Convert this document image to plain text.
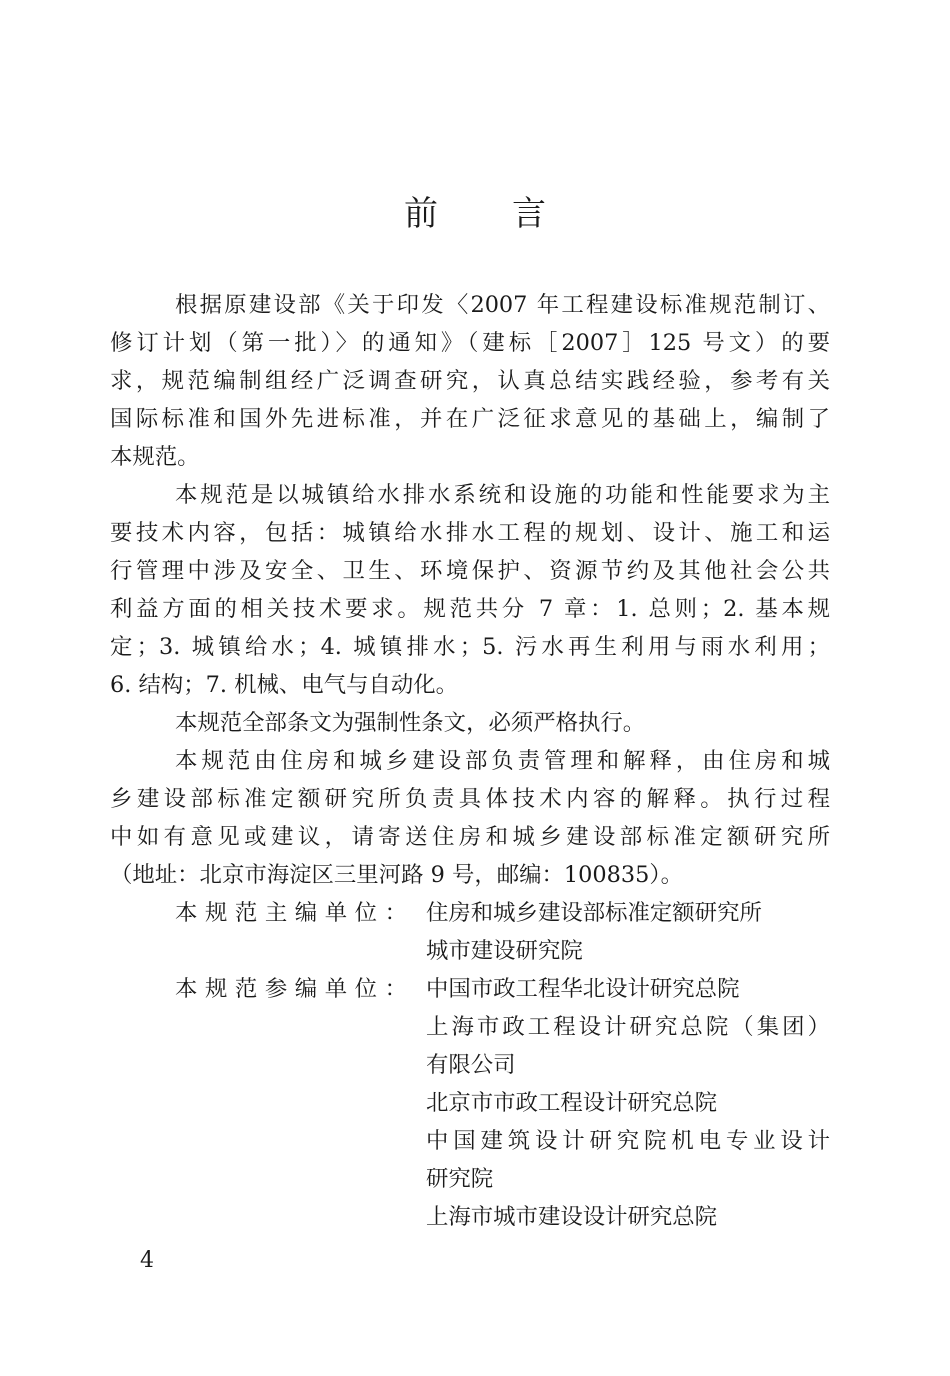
前 言
根据原建设部《关于印发〈2007 年工程建设标准规范制订、
修订计划（第一批）〉的通知》（建标［2007］125 号文）的要
求，规范编制组经广泛调查研究，认真总结实践经验，参考有关
国际标准和国外先进标准，并在广泛征求意见的基础上，编制了
本规范。
本规范是以城镇给水排水系统和设施的功能和性能要求为主
要技术内容，包括：城镇给水排水工程的规划、设计、施工和运
行管理中涉及安全、卫生、环境保护、资源节约及其他社会公共
利益方面的相关技术要求。规范共分 7 章：1. 总则；2. 基本规
定；3. 城镇给水；4. 城镇排水；5. 污水再生利用与雨水利用；
6. 结构；7. 机械、电气与自动化。
本规范全部条文为强制性条文，必须严格执行。
本规范由住房和城乡建设部负责管理和解释，由住房和城
乡建设部标准定额研究所负责具体技术内容的解释。执行过程
中如有意见或建议，请寄送住房和城乡建设部标准定额研究所
（地址：北京市海淀区三里河路 9 号，邮编：100835）。
本规范主编单位： 住房和城乡建设部标准定额研究所
城市建设研究院
本规范参编单位： 中国市政工程华北设计研究总院
上海市政工程设计研究总院（集团）
有限公司
北京市市政工程设计研究总院
中国建筑设计研究院机电专业设计
研究院
上海市城市建设设计研究总院
4
